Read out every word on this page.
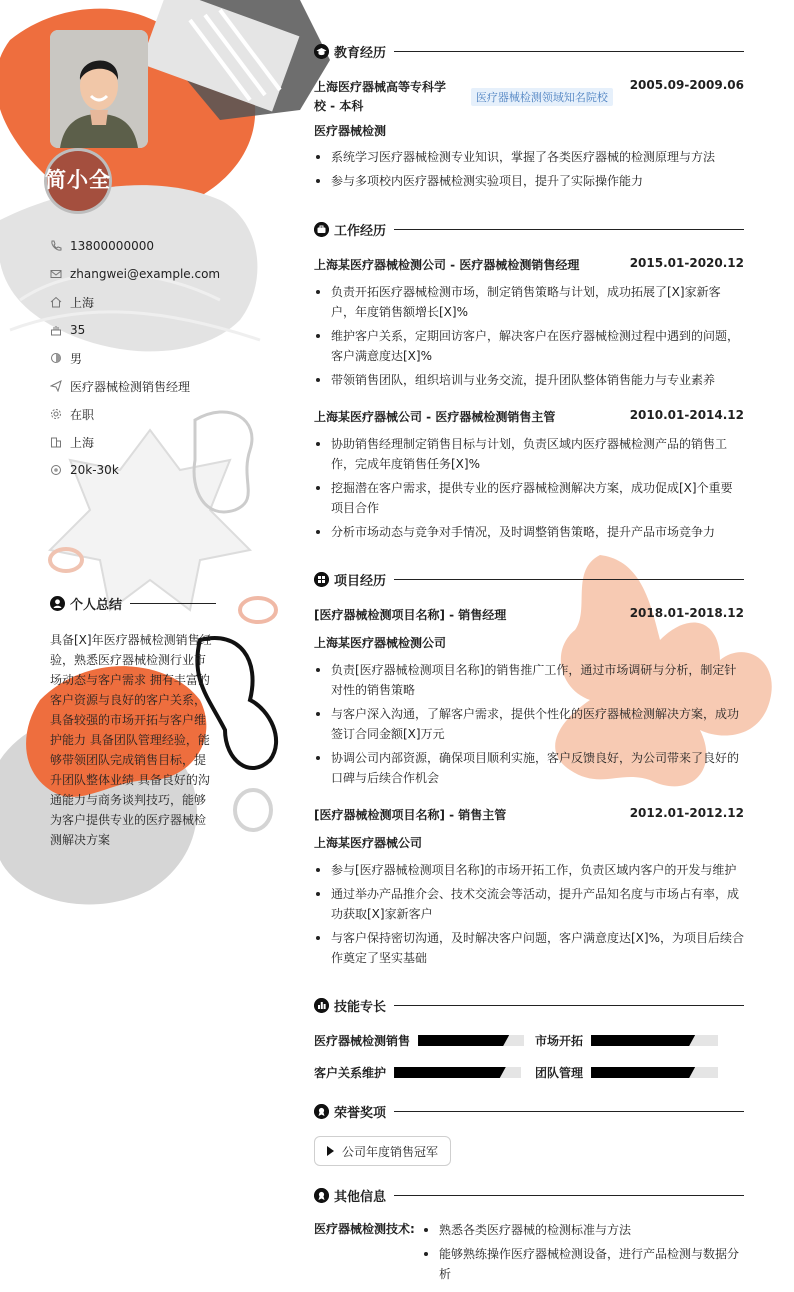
简小全
13800000000
zhangwei@example.com
上海
35
男
医疗器械检测销售经理
在职
上海
20k-30k
个人总结

具备[X]年医疗器械检测销售经验，熟悉医疗器械检测行业市场动态与客户需求 拥有丰富的客户资源与良好的客户关系，具备较强的市场开拓与客户维护能力 具备团队管理经验，能够带领团队完成销售目标，提升团队整体业绩 具备良好的沟通能力与商务谈判技巧，能够为客户提供专业的医疗器械检测解决方案

教育经历
上海医疗器械高等专科学校 - 本科
医疗器械检测领域知名院校
2005.09-2009.06
医疗器械检测
系统学习医疗器械检测专业知识，掌握了各类医疗器械的检测原理与方法
参与多项校内医疗器械检测实验项目，提升了实际操作能力
工作经历
上海某医疗器械检测公司 - 医疗器械检测销售经理	2015.01-2020.12
负责开拓医疗器械检测市场，制定销售策略与计划，成功拓展了[X]家新客户，年度销售额增长[X]%
维护客户关系，定期回访客户，解决客户在医疗器械检测过程中遇到的问题，客户满意度达[X]%
带领销售团队，组织培训与业务交流，提升团队整体销售能力与专业素养
上海某医疗器械公司 - 医疗器械检测销售主管	2010.01-2014.12
协助销售经理制定销售目标与计划，负责区域内医疗器械检测产品的销售工作，完成年度销售任务[X]%
挖掘潜在客户需求，提供专业的医疗器械检测解决方案，成功促成[X]个重要项目合作
分析市场动态与竞争对手情况，及时调整销售策略，提升产品市场竞争力
项目经历
[医疗器械检测项目名称] - 销售经理	2018.01-2018.12
上海某医疗器械检测公司
负责[医疗器械检测项目名称]的销售推广工作，通过市场调研与分析，制定针对性的销售策略
与客户深入沟通，了解客户需求，提供个性化的医疗器械检测解决方案，成功签订合同金额[X]万元
协调公司内部资源，确保项目顺利实施，客户反馈良好，为公司带来了良好的口碑与后续合作机会
[医疗器械检测项目名称] - 销售主管	2012.01-2012.12
上海某医疗器械公司
参与[医疗器械检测项目名称]的市场开拓工作，负责区域内客户的开发与维护
通过举办产品推介会、技术交流会等活动，提升产品知名度与市场占有率，成功获取[X]家新客户
与客户保持密切沟通，及时解决客户问题，客户满意度达[X]%，为项目后续合作奠定了坚实基础
技能专长
医疗器械检测销售	市场开拓
客户关系维护	团队管理
荣誉奖项
公司年度销售冠军
其他信息
医疗器械检测技术:	熟悉各类医疗器械的检测标准与方法
能够熟练操作医疗器械检测设备，进行产品检测与数据分析
